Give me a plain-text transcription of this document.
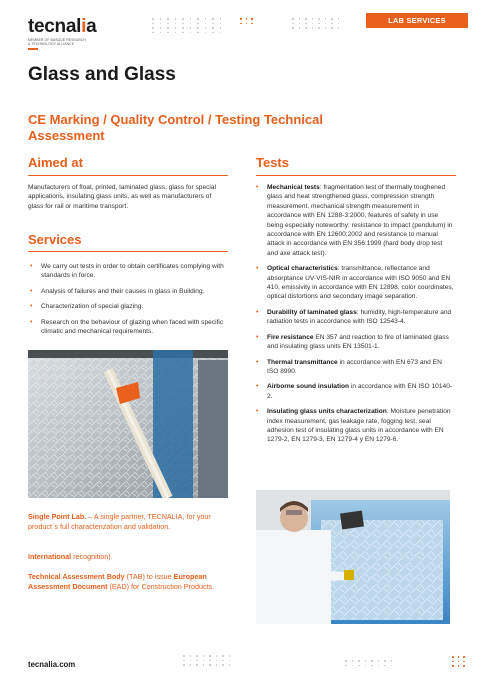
tecnalia
MEMBER OF BASQUE RESEARCH
& TECHNOLOGY ALLIANCE
LAB SERVICES
Glass and Glass
CE Marking / Quality Control / Testing Technical Assessment
Aimed at
Manufacturers of float, printed, laminated glass, glass for special applications, insulating glass units, as well as manufacturers of glass for rail or maritime transport.
Services
• We carry out tests in order to obtain certificates complying with standards in force.
• Analysis of failures and their causes in glass in Building.
• Characterization of special glazing.
• Research on the behaviour of glazing when faced with specific climatic and mechanical requirements.
Tests
• Mechanical tests: fragmentation test of thermally toughened glass and heat strengthened glass, compression strength measurement, mechanical strength measurement in accordance with EN 1288-3:2000, features of safety in use being especially noteworthy: resistance to impact (pendulum) in accordance with EN 12600:2002 and resistance to manual attack in accordance with EN 356:1999 (hard body drop test and axe attack test).
• Optical characteristics: transmittance, reflectance and absorptance UV-VIS-NIR in accordance with ISO 9050 and EN 410, emissivity in accordance with EN 12898, color coordinates, optical distortions and secondary image separation.
• Durability of laminated glass: humidity, high-temperature and radiation tests in accordance with ISO 12543-4.
• Fire resistance EN 357 and reaction to fire of laminated glass and insulating glass units EN 13501-1.
• Thermal transmittance in accordance with EN 673 and EN ISO 8990.
• Airborne sound insulation in accordance with EN ISO 10140-2.
• Insulating glass units characterization: Moisture penetration index measurement, gas leakage rate, fogging test, seal adhesion test of insulating glass units in accordance with EN 1279-2, EN 1279-3, EN 1279-4 y EN 1279-6.
Single Point Lab. – A single partner, TECNALIA, for your product´s full characterization and validation.
International recognition).
Technical Assessment Body (TAB) to issue European Assessment Document (EAD) for Construction Products.
tecnalia.com
